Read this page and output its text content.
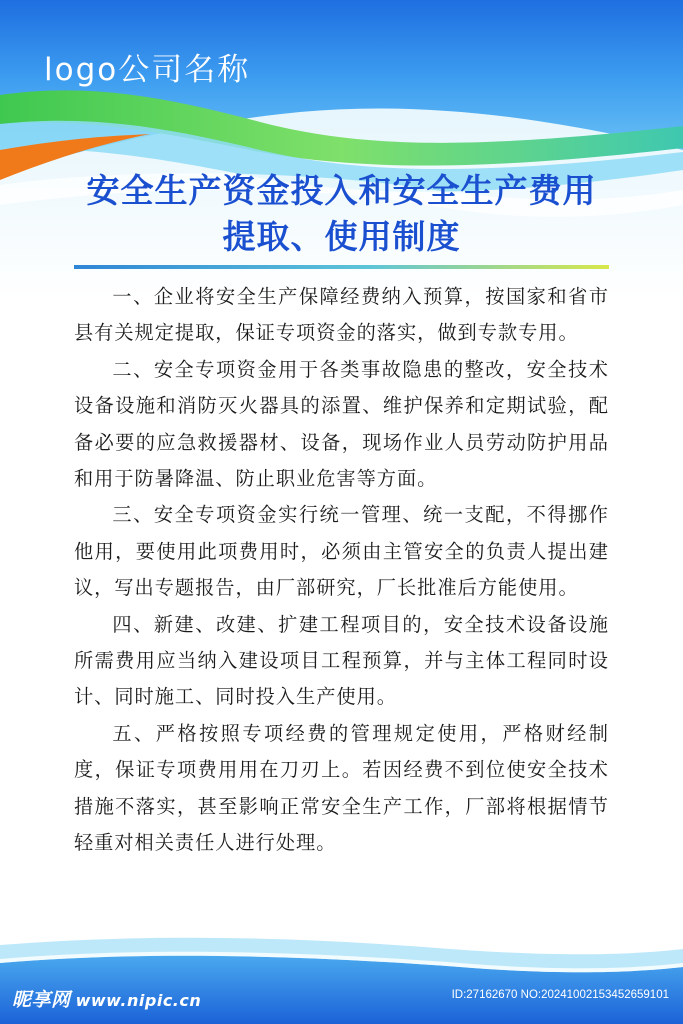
logo公司名称
安全生产资金投入和安全生产费用
提取、使用制度

一、企业将安全生产保障经费纳入预算，按国家和省市县有关规定提取，保证专项资金的落实，做到专款专用。

二、安全专项资金用于各类事故隐患的整改，安全技术设备设施和消防灭火器具的添置、维护保养和定期试验，配备必要的应急救援器材、设备，现场作业人员劳动防护用品和用于防暑降温、防止职业危害等方面。

三、安全专项资金实行统一管理、统一支配，不得挪作他用，要使用此项费用时，必须由主管安全的负责人提出建议，写出专题报告，由厂部研究，厂长批准后方能使用。

四、新建、改建、扩建工程项目的，安全技术设备设施所需费用应当纳入建设项目工程预算，并与主体工程同时设计、同时施工、同时投入生产使用。

五、严格按照专项经费的管理规定使用，严格财经制度，保证专项费用用在刀刃上。若因经费不到位使安全技术措施不落实，甚至影响正常安全生产工作，厂部将根据情节轻重对相关责任人进行处理。

昵享网 www.nipic.cn	ID:27162670 NO:20241002153452659101
